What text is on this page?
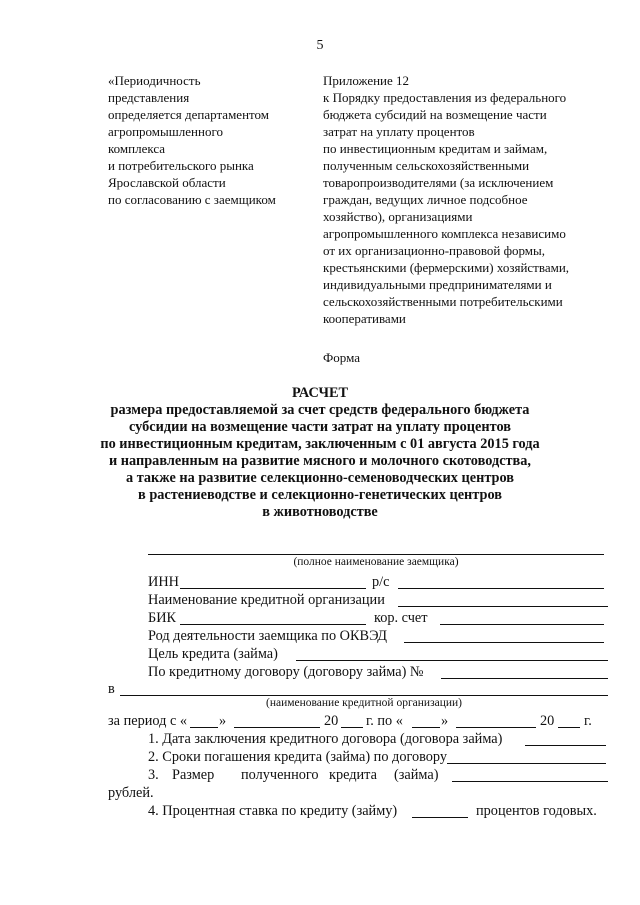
5
«Периодичность
представления
определяется департаментом
агропромышленного
комплекса
и потребительского рынка
Ярославской области
по согласованию с заемщиком
Приложение 12
к Порядку предоставления из федерального
бюджета субсидий на возмещение части
затрат на уплату процентов
по инвестиционным кредитам и займам,
полученным сельскохозяйственными
товаропроизводителями (за исключением
граждан, ведущих личное подсобное
хозяйство), организациями
агропромышленного комплекса независимо
от их организационно-правовой формы,
крестьянскими (фермерскими) хозяйствами,
индивидуальными предпринимателями и
сельскохозяйственными потребительскими
кооперативами
Форма
РАСЧЕТ
размера предоставляемой за счет средств федерального бюджета
субсидии на возмещение части затрат на уплату процентов
по инвестиционным кредитам, заключенным с 01 августа 2015 года
и направленным на развитие мясного и молочного скотоводства,
а также на развитие селекционно-семеноводческих центров
в растениеводстве и селекционно-генетических центров
в животноводстве
(полное наименование заемщика)
ИНН	р/с
Наименование кредитной организации
БИК	кор. счет
Род деятельности заемщика по ОКВЭД
Цель кредита (займа)
По кредитному договору (договору займа) №
в
(наименование кредитной организации)
за период с « »	20 г. по «	»	20 г.
1. Дата заключения кредитного договора (договора займа)
2. Сроки погашения кредита (займа) по договору
3. Размер полученного кредита (займа)
рублей.
4. Процентная ставка по кредиту (займу)	процентов годовых.
